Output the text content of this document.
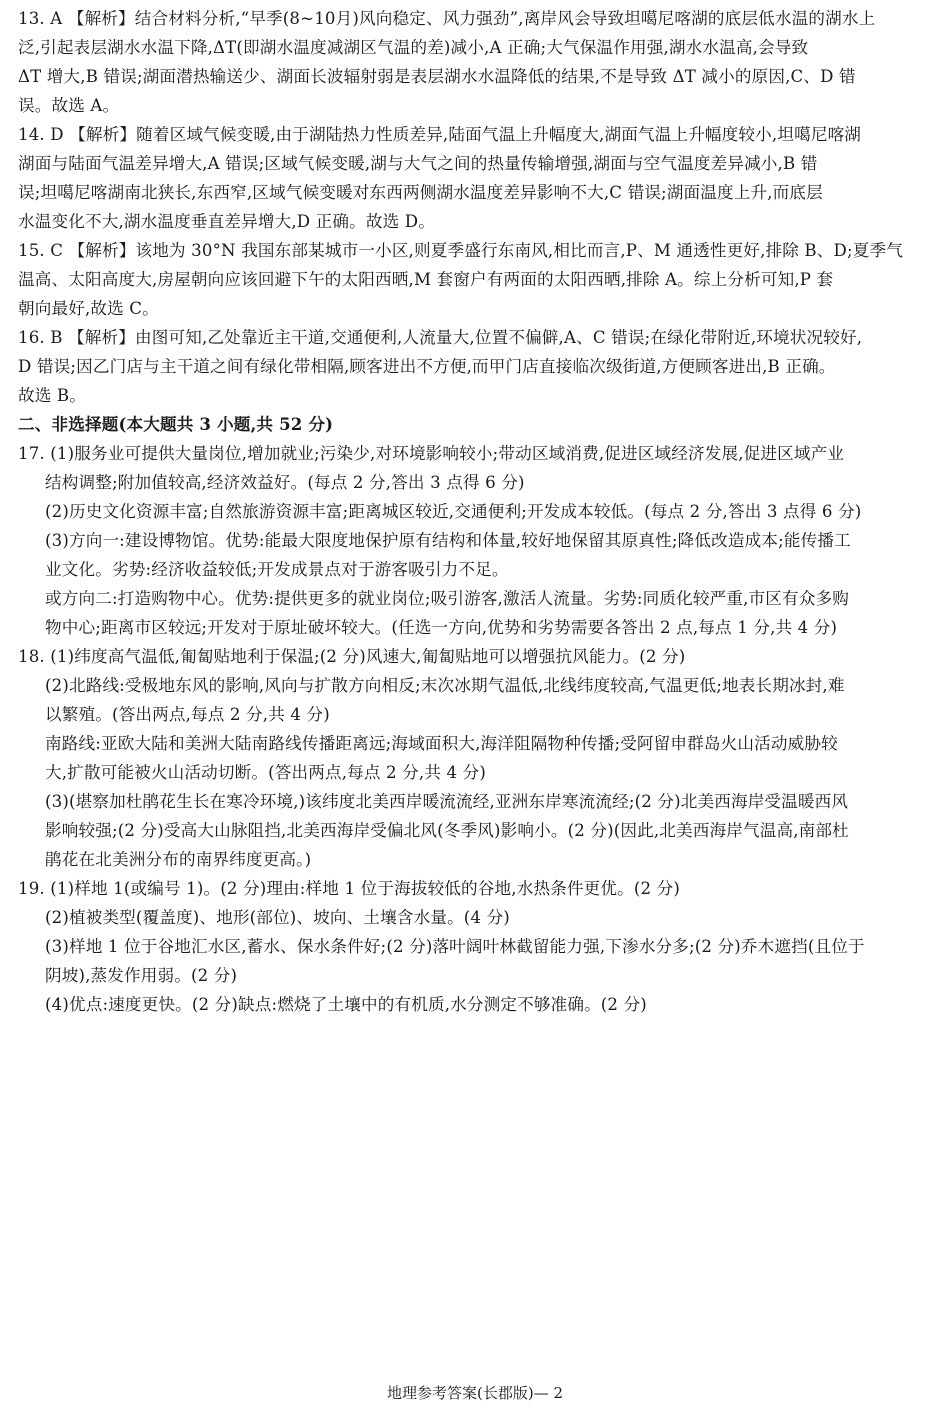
13. A 【解析】结合材料分析,“早季(8~10月)风向稳定、风力强劲”,离岸风会导致坦噶尼喀湖的底层低水温的湖水上
泛,引起表层湖水水温下降,ΔT(即湖水温度减湖区气温的差)减小,A 正确;大气保温作用强,湖水水温高,会导致
ΔT 增大,B 错误;湖面潜热输送少、湖面长波辐射弱是表层湖水水温降低的结果,不是导致 ΔT 减小的原因,C、D 错
误。故选 A。
14. D 【解析】随着区域气候变暖,由于湖陆热力性质差异,陆面气温上升幅度大,湖面气温上升幅度较小,坦噶尼喀湖
湖面与陆面气温差异增大,A 错误;区域气候变暖,湖与大气之间的热量传输增强,湖面与空气温度差异减小,B 错
误;坦噶尼喀湖南北狭长,东西窄,区域气候变暖对东西两侧湖水温度差异影响不大,C 错误;湖面温度上升,而底层
水温变化不大,湖水温度垂直差异增大,D 正确。故选 D。
15. C 【解析】该地为 30°N 我国东部某城市一小区,则夏季盛行东南风,相比而言,P、M 通透性更好,排除 B、D;夏季气
温高、太阳高度大,房屋朝向应该回避下午的太阳西晒,M 套窗户有两面的太阳西晒,排除 A。综上分析可知,P 套
朝向最好,故选 C。
16. B 【解析】由图可知,乙处靠近主干道,交通便利,人流量大,位置不偏僻,A、C 错误;在绿化带附近,环境状况较好,
D 错误;因乙门店与主干道之间有绿化带相隔,顾客进出不方便,而甲门店直接临次级街道,方便顾客进出,B 正确。
故选 B。
二、非选择题(本大题共 3 小题,共 52 分)
17. (1)服务业可提供大量岗位,增加就业;污染少,对环境影响较小;带动区域消费,促进区域经济发展,促进区域产业
结构调整;附加值较高,经济效益好。(每点 2 分,答出 3 点得 6 分)
(2)历史文化资源丰富;自然旅游资源丰富;距离城区较近,交通便利;开发成本较低。(每点 2 分,答出 3 点得 6 分)
(3)方向一:建设博物馆。优势:能最大限度地保护原有结构和体量,较好地保留其原真性;降低改造成本;能传播工
业文化。劣势:经济收益较低;开发成景点对于游客吸引力不足。
或方向二:打造购物中心。优势:提供更多的就业岗位;吸引游客,激活人流量。劣势:同质化较严重,市区有众多购
物中心;距离市区较远;开发对于原址破坏较大。(任选一方向,优势和劣势需要各答出 2 点,每点 1 分,共 4 分)
18. (1)纬度高气温低,匍匐贴地利于保温;(2 分)风速大,匍匐贴地可以增强抗风能力。(2 分)
(2)北路线:受极地东风的影响,风向与扩散方向相反;末次冰期气温低,北线纬度较高,气温更低;地表长期冰封,难
以繁殖。(答出两点,每点 2 分,共 4 分)
南路线:亚欧大陆和美洲大陆南路线传播距离远;海域面积大,海洋阻隔物种传播;受阿留申群岛火山活动威胁较
大,扩散可能被火山活动切断。(答出两点,每点 2 分,共 4 分)
(3)(堪察加杜鹃花生长在寒冷环境,)该纬度北美西岸暖流流经,亚洲东岸寒流流经;(2 分)北美西海岸受温暖西风
影响较强;(2 分)受高大山脉阻挡,北美西海岸受偏北风(冬季风)影响小。(2 分)(因此,北美西海岸气温高,南部杜
鹃花在北美洲分布的南界纬度更高。)
19. (1)样地 1(或编号 1)。(2 分)理由:样地 1 位于海拔较低的谷地,水热条件更优。(2 分)
(2)植被类型(覆盖度)、地形(部位)、坡向、土壤含水量。(4 分)
(3)样地 1 位于谷地汇水区,蓄水、保水条件好;(2 分)落叶阔叶林截留能力强,下渗水分多;(2 分)乔木遮挡(且位于
阴坡),蒸发作用弱。(2 分)
(4)优点:速度更快。(2 分)缺点:燃烧了土壤中的有机质,水分测定不够准确。(2 分)
地理参考答案(长郡版)— 2
